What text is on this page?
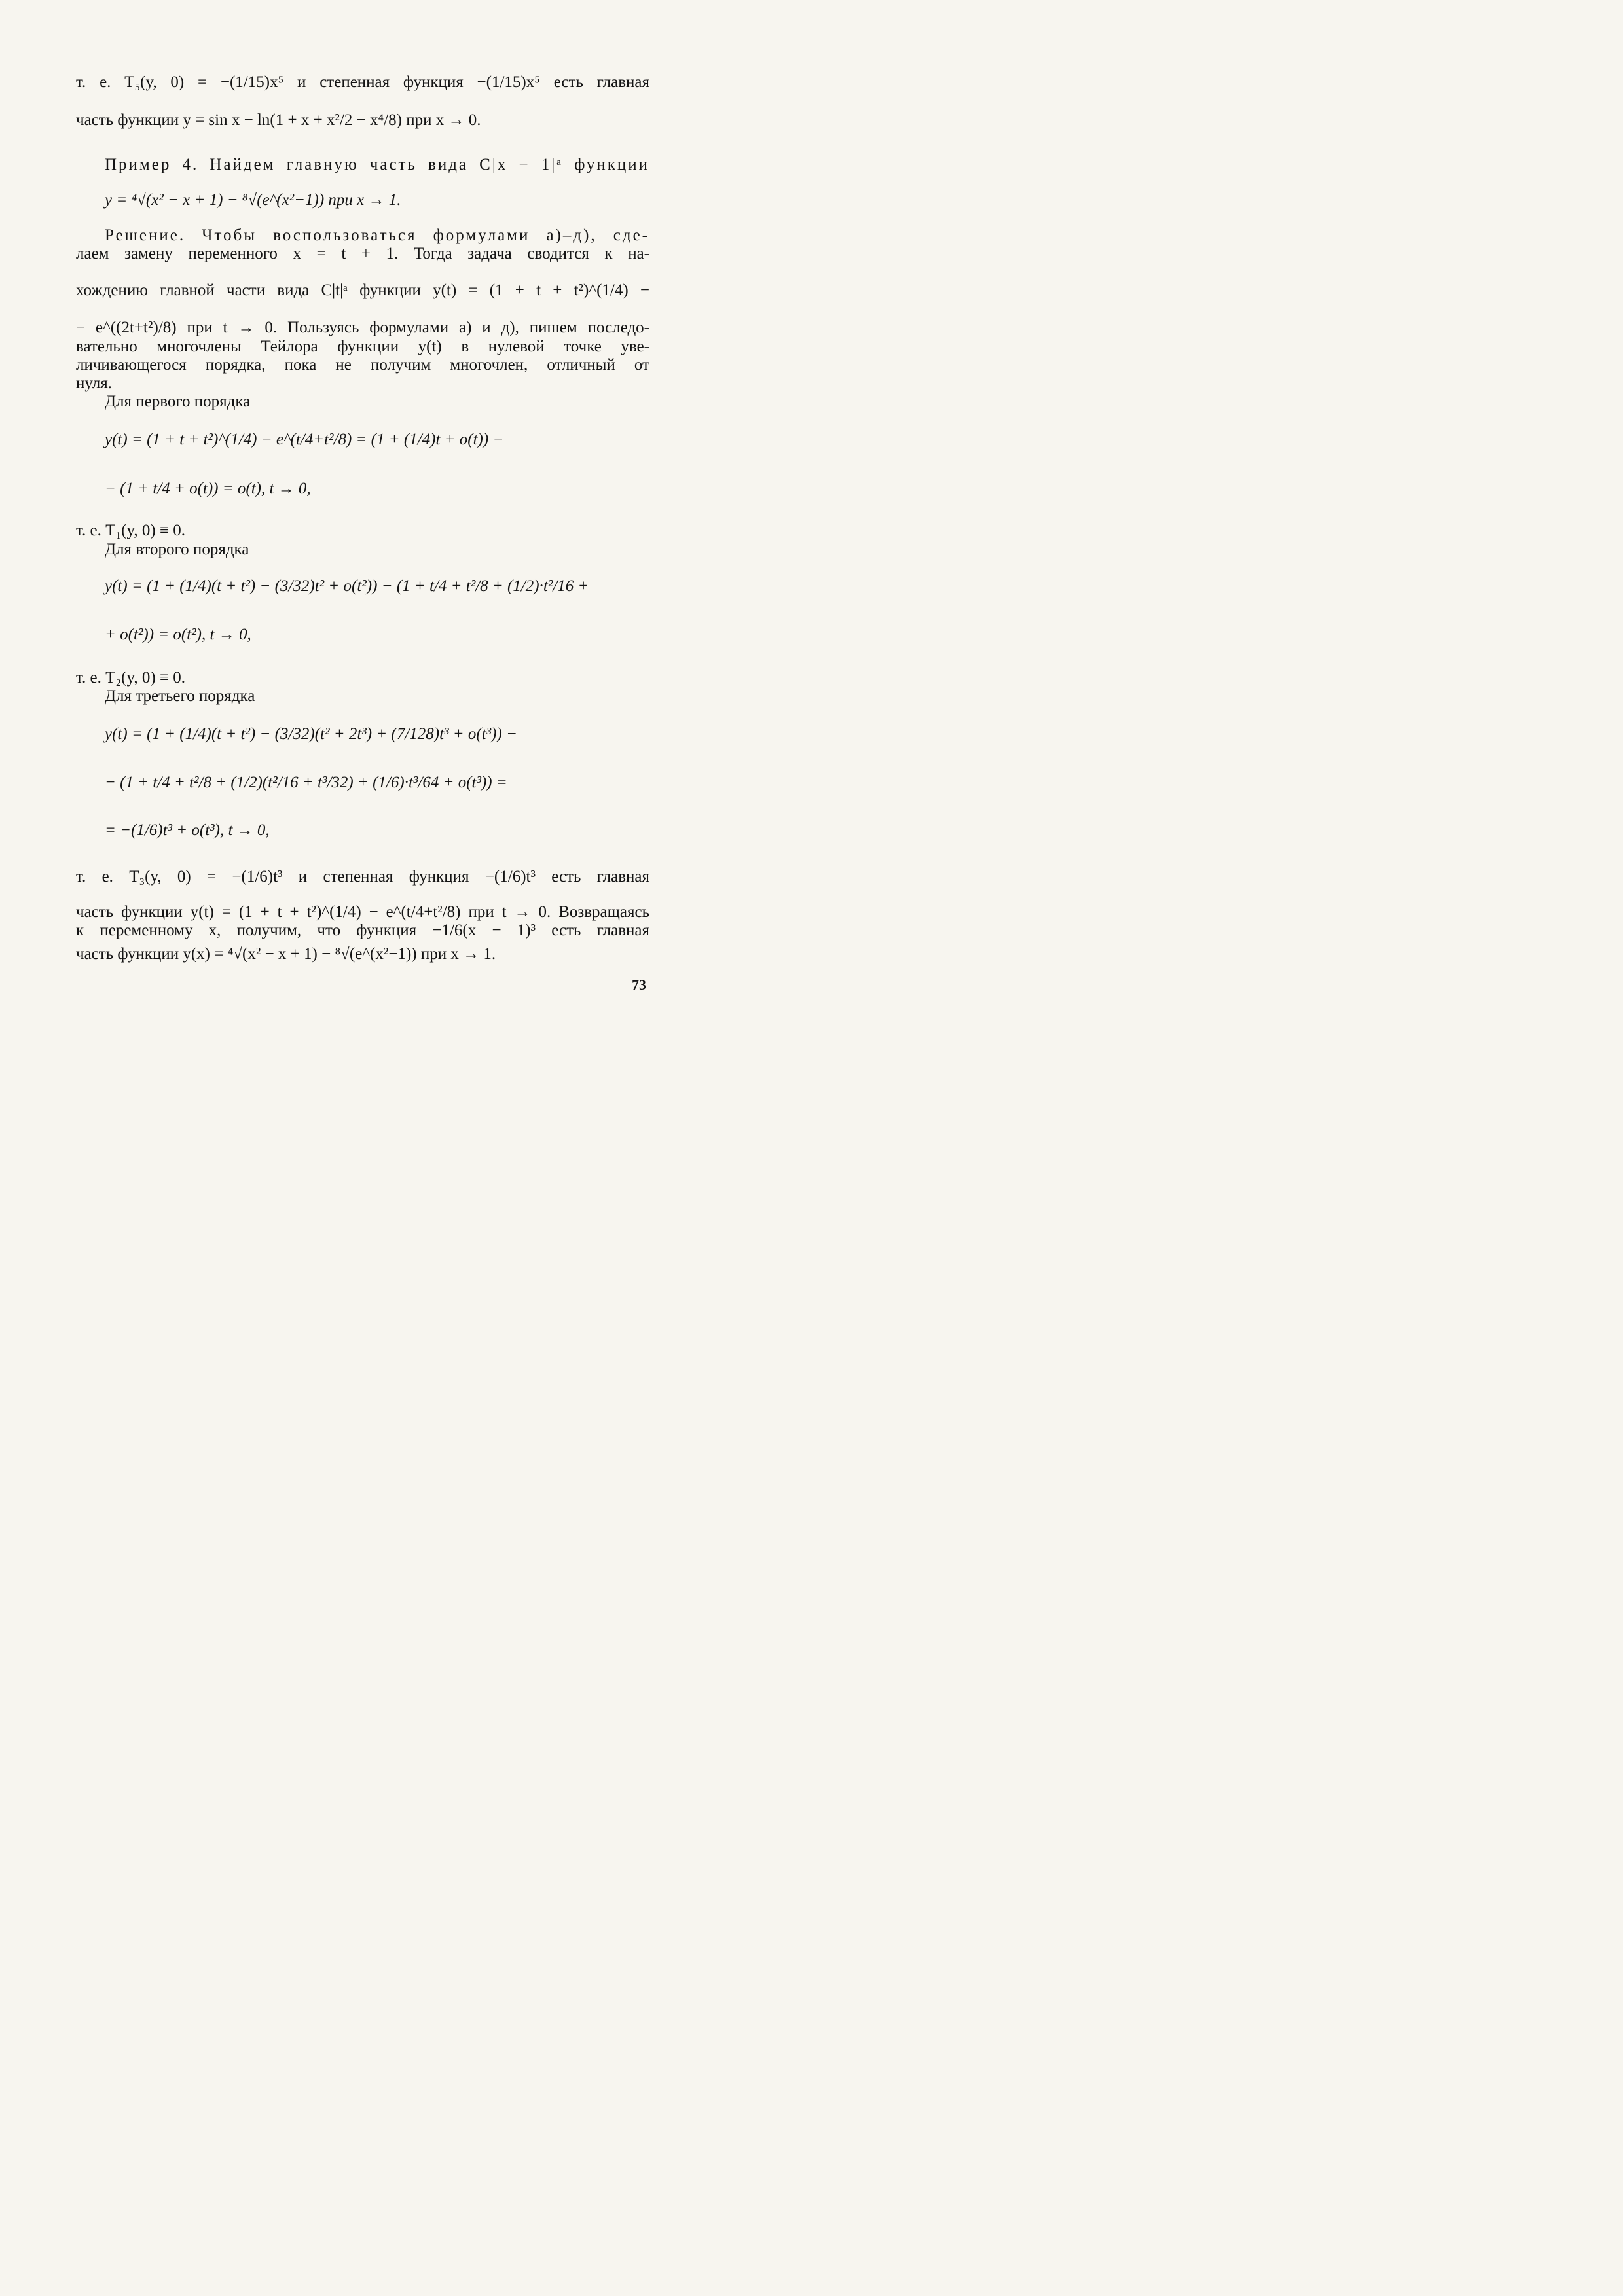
т. е. T₅(y, 0) = −(1/15)x⁵ и степенная функция −(1/15)x⁵ есть главная
часть функции y = sin x − ln(1 + x + x²/2 − x⁴/8) при x → 0.
Пример 4. Найдем главную часть вида C|x − 1|ᵃ функции
y = ⁴√(x² − x + 1) − ⁸√(e^(x²−1)) при x → 1.
Решение. Чтобы воспользоваться формулами а)–д), сде-
лаем замену переменного x = t + 1. Тогда задача сводится к на-
хождению главной части вида C|t|ᵃ функции y(t) = (1 + t + t²)^(1/4) −
− e^((2t+t²)/8) при t → 0. Пользуясь формулами а) и д), пишем последо-
вательно многочлены Тейлора функции y(t) в нулевой точке уве-
личивающегося порядка, пока не получим многочлен, отличный от
нуля.
Для первого порядка
y(t) = (1 + t + t²)^(1/4) − e^(t/4+t²/8) = (1 + (1/4)t + o(t)) −
− (1 + t/4 + o(t)) = o(t), t → 0,
т. е. T₁(y, 0) ≡ 0.
Для второго порядка
y(t) = (1 + (1/4)(t + t²) − (3/32)t² + o(t²)) − (1 + t/4 + t²/8 + (1/2)·t²/16 +
+ o(t²)) = o(t²), t → 0,
т. е. T₂(y, 0) ≡ 0.
Для третьего порядка
y(t) = (1 + (1/4)(t + t²) − (3/32)(t² + 2t³) + (7/128)t³ + o(t³)) −
− (1 + t/4 + t²/8 + (1/2)(t²/16 + t³/32) + (1/6)·t³/64 + o(t³)) =
= −(1/6)t³ + o(t³), t → 0,
т. е. T₃(y, 0) = −(1/6)t³ и степенная функция −(1/6)t³ есть главная
часть функции y(t) = (1 + t + t²)^(1/4) − e^(t/4+t²/8) при t → 0. Возвращаясь
к переменному x, получим, что функция −1/6(x − 1)³ есть главная
часть функции y(x) = ⁴√(x² − x + 1) − ⁸√(e^(x²−1)) при x → 1.
73
